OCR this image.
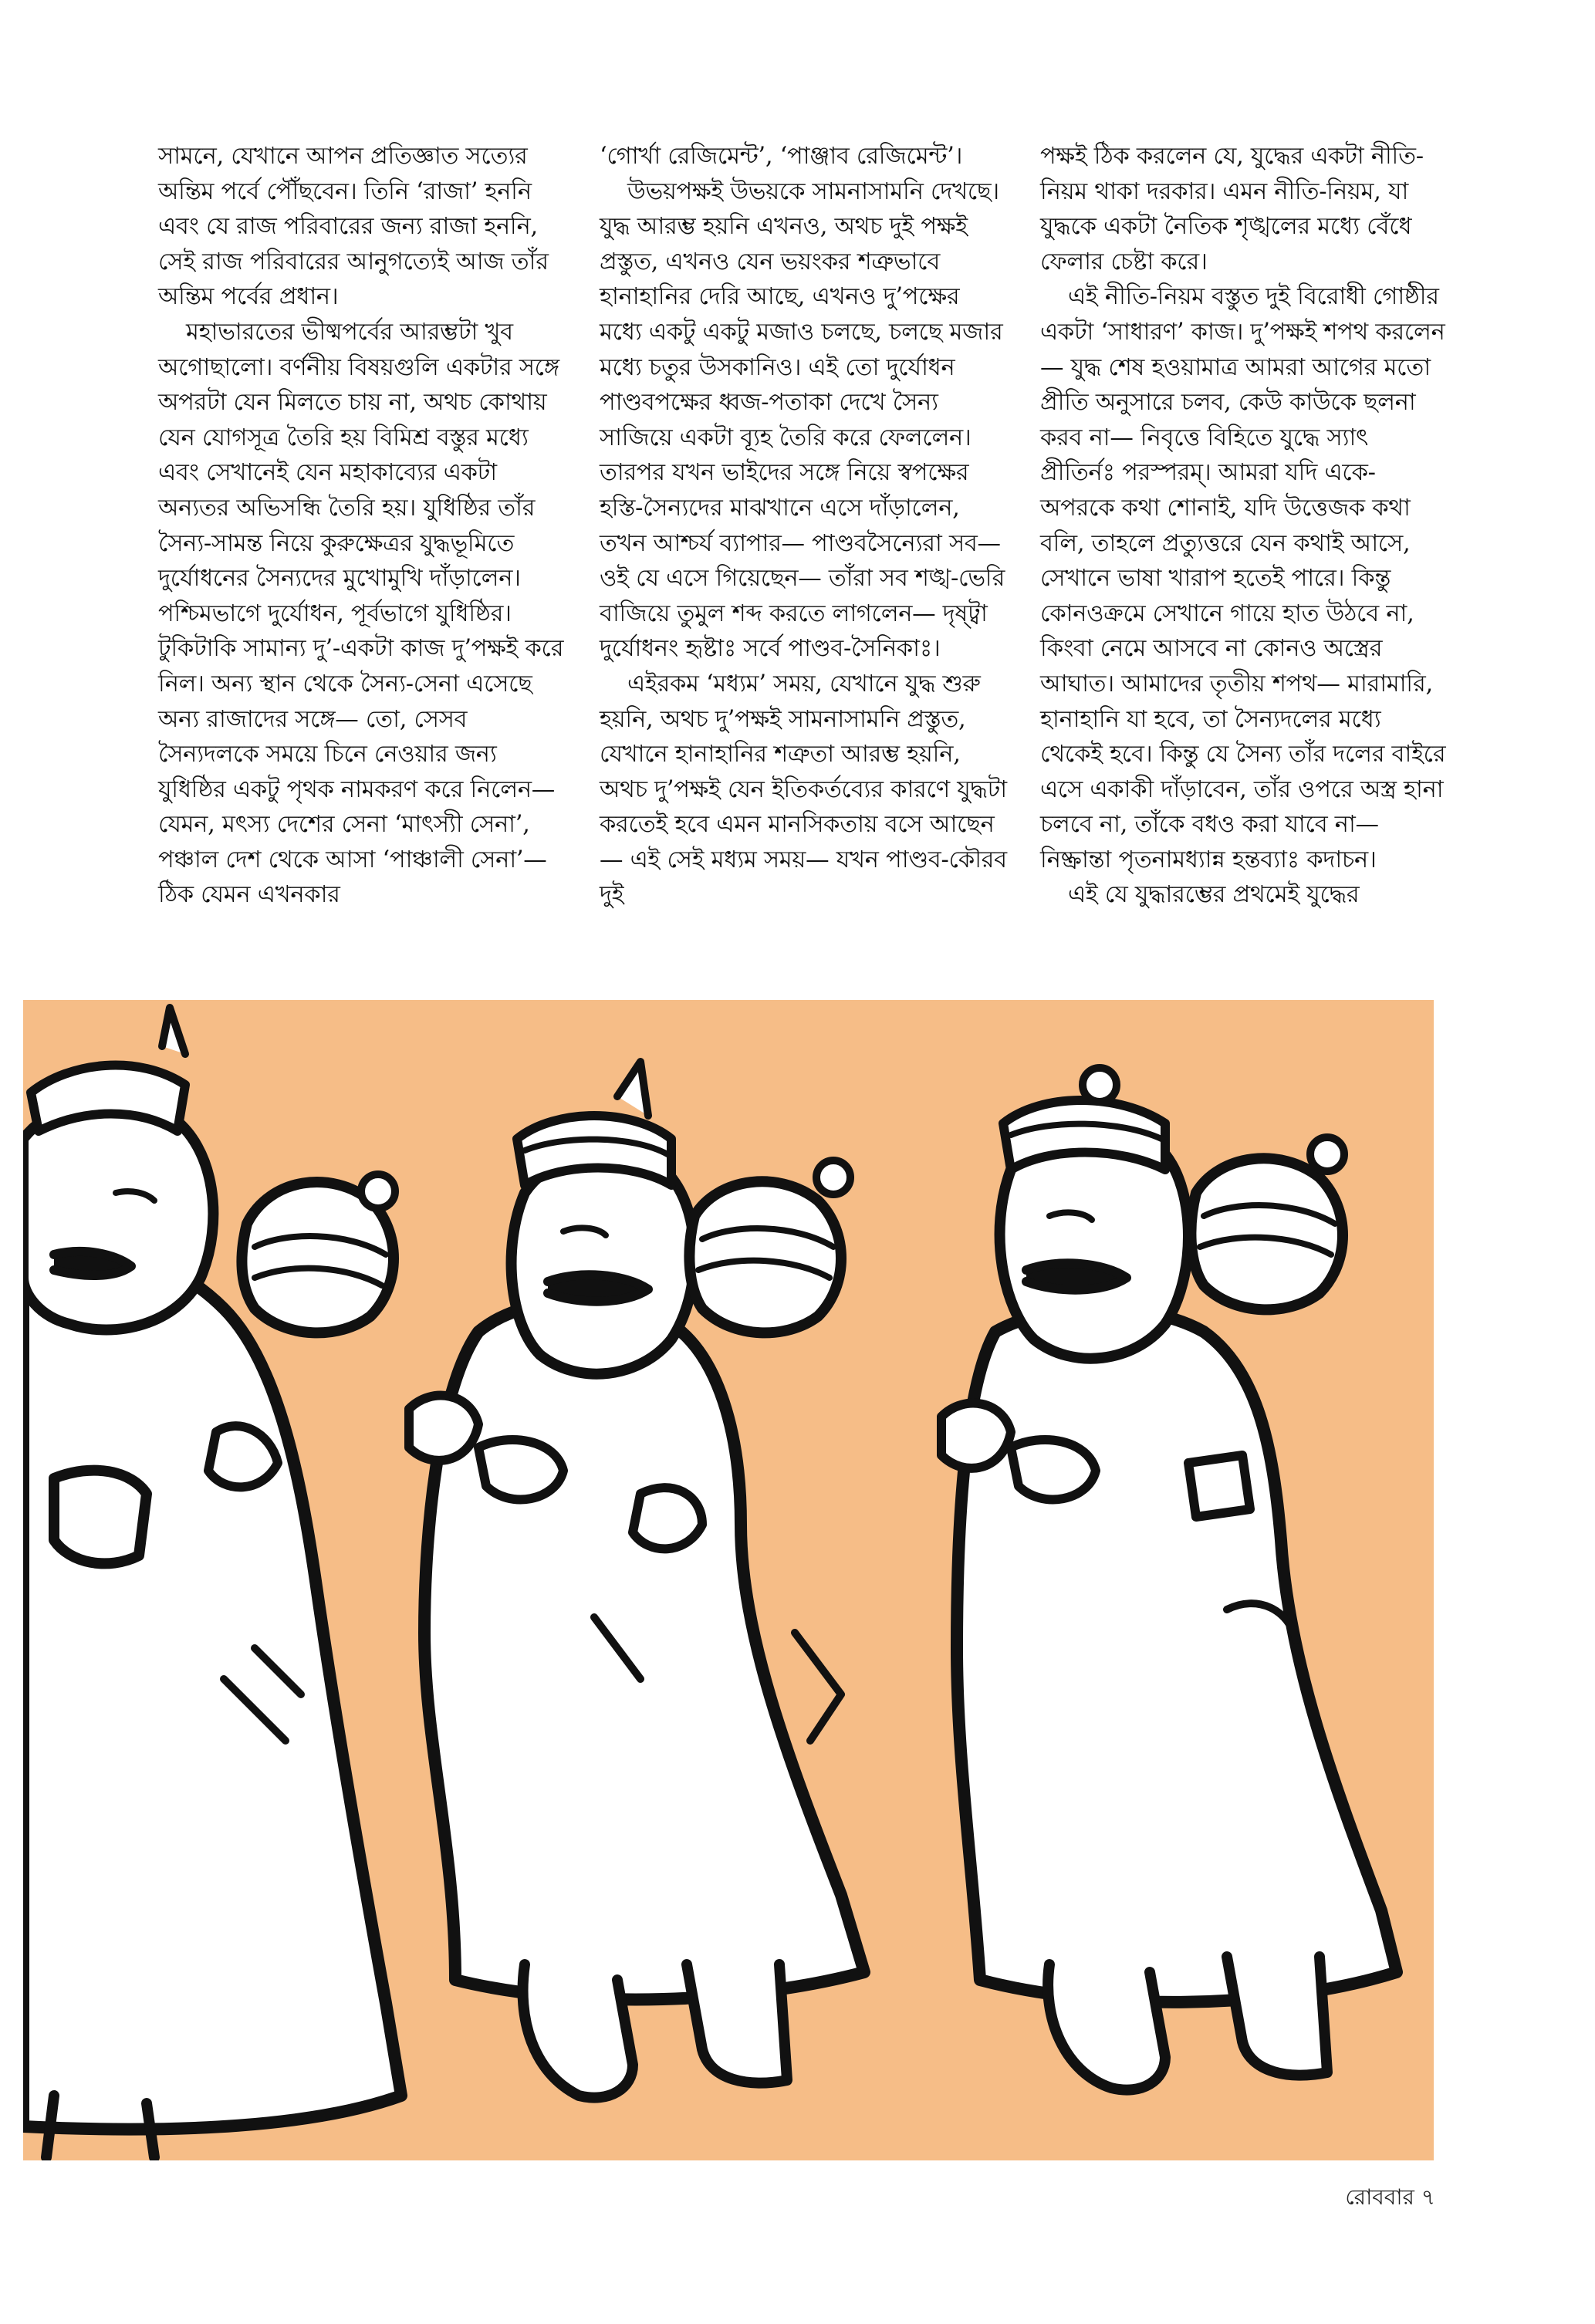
সামনে, যেখানে আপন প্রতিজ্ঞাত সত্যের অন্তিম পর্বে পৌঁছবেন। তিনি ‘রাজা’ হননি এবং যে রাজ পরিবারের জন্য রাজা হননি, সেই রাজ পরিবারের আনুগত্যেই আজ তাঁর অন্তিম পর্বের প্রধান।

মহাভারতের ভীষ্মপর্বের আরম্ভটা খুব অগোছালো। বর্ণনীয় বিষয়গুলি একটার সঙ্গে অপরটা যেন মিলতে চায় না, অথচ কোথায় যেন যোগসূত্র তৈরি হয় বিমিশ্র বস্তুর মধ্যে এবং সেখানেই যেন মহাকাব্যের একটা অন্যতর অভিসন্ধি তৈরি হয়। যুধিষ্ঠির তাঁর সৈন্য-সামন্ত নিয়ে কুরুক্ষেত্রর যুদ্ধভূমিতে দুর্যোধনের সৈন্যদের মুখোমুখি দাঁড়ালেন। পশ্চিমভাগে দুর্যোধন, পূর্বভাগে যুধিষ্ঠির। টুকিটাকি সামান্য দু’-একটা কাজ দু’পক্ষই করে নিল। অন্য স্থান থেকে সৈন্য-সেনা এসেছে অন্য রাজাদের সঙ্গে— তো, সেসব সৈন্যদলকে সময়ে চিনে নেওয়ার জন্য যুধিষ্ঠির একটু পৃথক নামকরণ করে নিলেন— যেমন, মৎস্য দেশের সেনা ‘মাৎস্যী সেনা’, পঞ্চাল দেশ থেকে আসা ‘পাঞ্চালী সেনা’— ঠিক যেমন এখনকার

‘গোর্খা রেজিমেন্ট’, ‘পাঞ্জাব রেজিমেন্ট’।

উভয়পক্ষই উভয়কে সামনাসামনি দেখছে। যুদ্ধ আরম্ভ হয়নি এখনও, অথচ দুই পক্ষই প্রস্তুত, এখনও যেন ভয়ংকর শত্রুভাবে হানাহানির দেরি আছে, এখনও দু’পক্ষের মধ্যে একটু একটু মজাও চলছে, চলছে মজার মধ্যে চতুর উসকানিও। এই তো দুর্যোধন পাণ্ডবপক্ষের ধ্বজ-পতাকা দেখে সৈন্য সাজিয়ে একটা ব্যূহ তৈরি করে ফেললেন। তারপর যখন ভাইদের সঙ্গে নিয়ে স্বপক্ষের হস্তি-সৈন্যদের মাঝখানে এসে দাঁড়ালেন, তখন আশ্চর্য ব্যাপার— পাণ্ডবসৈন্যেরা সব— ওই যে এসে গিয়েছেন— তাঁরা সব শঙ্খ-ভেরি বাজিয়ে তুমুল শব্দ করতে লাগলেন— দৃষ্ট্বা দুর্যোধনং হৃষ্টাঃ সর্বে পাণ্ডব-সৈনিকাঃ।

এইরকম ‘মধ্যম’ সময়, যেখানে যুদ্ধ শুরু হয়নি, অথচ দু’পক্ষই সামনাসামনি প্রস্তুত, যেখানে হানাহানির শত্রুতা আরম্ভ হয়নি, অথচ দু’পক্ষই যেন ইতিকর্তব্যের কারণে যুদ্ধটা করতেই হবে এমন মানসিকতায় বসে আছেন— এই সেই মধ্যম সময়— যখন পাণ্ডব-কৌরব দুই

পক্ষই ঠিক করলেন যে, যুদ্ধের একটা নীতি-নিয়ম থাকা দরকার। এমন নীতি-নিয়ম, যা যুদ্ধকে একটা নৈতিক শৃঙ্খলের মধ্যে বেঁধে ফেলার চেষ্টা করে।

এই নীতি-নিয়ম বস্তুত দুই বিরোধী গোষ্ঠীর একটা ‘সাধারণ’ কাজ। দু’পক্ষই শপথ করলেন— যুদ্ধ শেষ হওয়ামাত্র আমরা আগের মতো প্রীতি অনুসারে চলব, কেউ কাউকে ছলনা করব না— নিবৃত্তে বিহিতে যুদ্ধে স্যাৎ প্রীতির্নঃ পরস্পরম্। আমরা যদি একে-অপরকে কথা শোনাই, যদি উত্তেজক কথা বলি, তাহলে প্রত্যুত্তরে যেন কথাই আসে, সেখানে ভাষা খারাপ হতেই পারে। কিন্তু কোনওক্রমে সেখানে গায়ে হাত উঠবে না, কিংবা নেমে আসবে না কোনও অস্ত্রের আঘাত। আমাদের তৃতীয় শপথ— মারামারি, হানাহানি যা হবে, তা সৈন্যদলের মধ্যে থেকেই হবে। কিন্তু যে সৈন্য তাঁর দলের বাইরে এসে একাকী দাঁড়াবেন, তাঁর ওপরে অস্ত্র হানা চলবে না, তাঁকে বধও করা যাবে না— নিষ্ক্রান্তা পৃতনামধ্যান্ন হন্তব্যাঃ কদাচন।

এই যে যুদ্ধারম্ভের প্রথমেই যুদ্ধের

রোববার ৭
